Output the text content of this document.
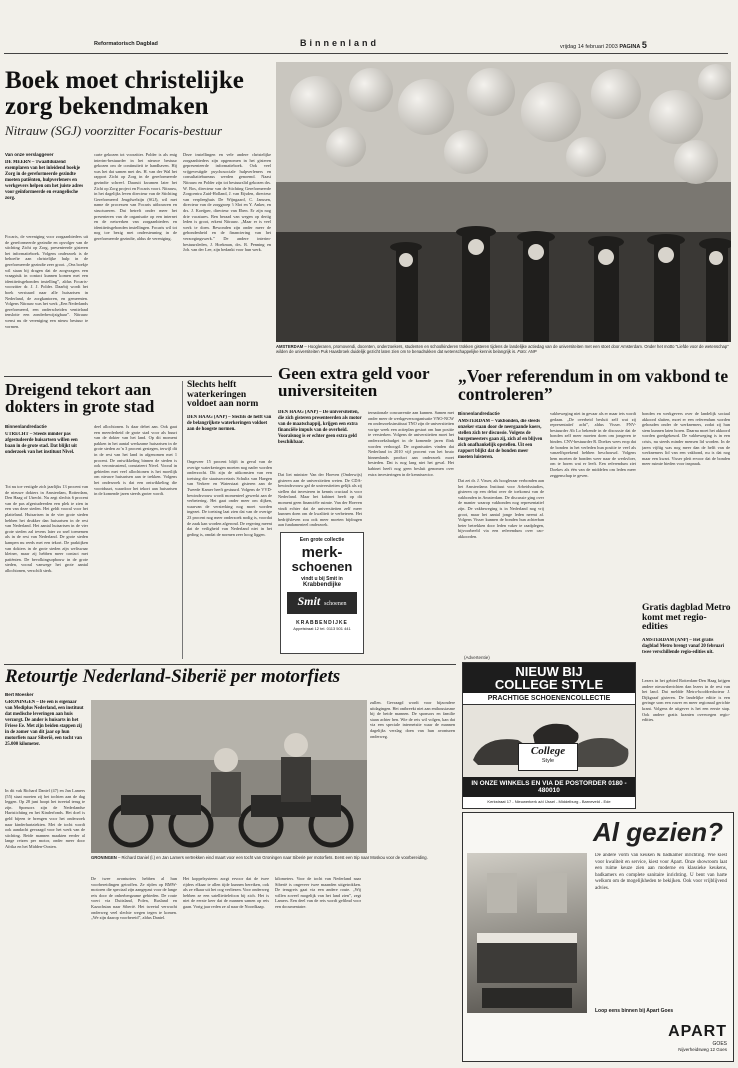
Reformatorisch Dagblad	Binnenland	vrijdag 14 februari 2003 PAGINA 5
Boek moet christelijke zorg bekendmaken
Nitrauw (SGJ) voorzitter Focaris-bestuur
Van onze verslaggever
DE MEERN – Twaalfduizend exemplaren van het inleidend boekje Zorg in de gereformeerde gezindte moeten patiënten, hulpverleners en werkgevers helpen om het juiste adres voor geïnformeerde en evangelische zorg.
Focaris, de vereniging voor zorgaanbieders uit de gereformeerde gezindte en opvolger van de stichting Zicht op Zorg, presenteerde gisteren het informatieboek. Volgens onderzoek is de behoefte aan christelijke hulp in de gereformeerde gezindte zeer groot. „Ons boekje wil staan bij dragen dat de zorgvragers een vraagstuk in contact kunnen komen met een identiteitsgebonden instelling”, aldus Focaris-voorzitter dr. J. J. Polder. Daarbij wordt het boek verstuurd naar alle huisartsen in Nederland, de zorgkantoren, en gemeenten. Volgens Nitrauw was het werk „Een Nederlands gereformeerd, een onderscheiden ventieland tenslotte een zonderbewijzigbaar”. Nitrauw wenst nu de vereniging een nieuw bestuur te vormen.
carte gekozen tot voorzitter. Polder is als enig interim-bestuurder in het nieuwe bestuur gekozen om de continuïteit te handhaven. Hij was het dat samen met drs. H. van der Wal het rapport Zicht op Zorg in de gereformeerde gezindte schreef. Daaruit kwamen later het Zicht op Zorg project en Focaris voort. Nitrauw, in het dagelijks leven directeur van de Stichting Gereformeerd Jeugdwelzijn (SGJ), wil met name de processen van Focaris uitbouwen en structureren. Dat betreft onder meer het presenteren van de organisatie op een internet en de netwerken van zorgaanbieders en identiteitsgebonden instellingen. Focaris wil tot nog toe bezig met ondersteuning in de gereformeerde gezindte, aldus de vereniging.
Deze instellingen en vele andere christelijke zorgaanbieders zijn opgenomen in het gisteren gepresenteerde informatieboek. Ook veel vrijgevestigde psychosociale hulpverleners en consultatiebureaus werden genoemd. Naast Nitrauw en Polder zijn tot bestuurslid gekozen drs. W. Bos, directeur van de Stichting Gereformeerde Zorgcentra Zuid-Holland, J. van Eijsden, directeur van verpleeghuis De Wijngaard, C. Janssen, directeur van de zorggroep 't Slot en Y. Anker, en drs. J. Koeijper, directeur van Eben. Er zijn nog drie vacatures. Ben beraad van wegen op dertig leden is groot, erkent Nitrauw. „Maar er is veel werk te doen. Bewonden zijn onder meer de gebondenheid en de financiering van het verzorgingswerk.” De andere interim-bestuursleden, J. Hoekman, drs. R. Penning en Joh. van der Lee, zijn bedankt voor hun werk.
AMSTERDAM – Hoogleraren, promovendi, docenten, onderzoekers, studenten en schoolkinderen trokken gisteren tijdens de landelijke actiedag van de universiteiten met een stoet door Amsterdam. Onder het motto "Liefde voor de wetenschap" wilden de universiteiten Puk Haasbroek duidelijk gezicht laten zien om te benadrukken dat wetenschappelijke kennis belangrijk is. Foto: ANP
Dreigend tekort aan dokters in grote stad
Binnenlandredactie
UTRECHT – Steeds minder pas afgestudeerde huisartsen willen een baan in de grote stad. Dat blijkt uit onderzoek van het instituut Nivel.
Tot nu toe vestigde zich jaarlijks 13 procent van de nieuwe dokters in Amsterdam, Rotterdam, Den Haag of Utrecht. Nu zegt slechts 6 procent van de pas afgestudeerden een plek te zien in een van deze steden. Het geldt vooral voor het platteland. Huisartsen in de vier grote steden hebben het drukker dan huisartsen in de rest van Nederland. Het aantal huisartsen in de vier grote steden zal tevens later zo snel toenemen als in de rest van Nederland. De grote steden kampen nu reeds met een tekort. De praktijken van dokters in de grote steden zijn weliswaar kleiner, maar zij hebben meer contact met patiënten. De bevolkingsopbouw in de grote steden, vooral vanwege het grote aantal allochtonen, verschilt sterk.
deel allochtonen. Is daar debet aan. Ook gaat een meerderheid de grote stad voor als buurt van de dokter van het land. Op dit moment pakken in het aantal werkzame huisartsen in de grote steden zo’n 3 procent gestegen, terwijl dit in de rest van het land in afgenomen met 1 procent. De ontwikkeling binnen de steden is ook verontrustend, constateert Nivel. Vooral in gebieden met veel allochtonen is het moeilijk om nieuwe huisartsen aan te trekken. Volgens het onderzoek is dat een ontwikkeling die voortduurt, waardoor het tekort aan huisartsen in de komende jaren steeds groter wordt.
Slechts helft waterkeringen voldoet aan norm
DEN HAAG (ANP) – Slechts de helft van de belangrijkste waterkeringen voldoet aan de hoogste normen.
Ongeveer 15 procent blijft in geval van de overige waterkeringen moeten nog nader worden onderzocht. Dit zijn de uitkomsten van een toetsing die staatssecretaris Schultz van Haegen van Verkeer en Waterstaat gisteren aan de Tweede Kamer heeft gestuurd. Volgens de VVD-bewindsvrouw wordt momenteel gewerkt aan de verbetering. Het gaat onder meer om dijken, waarvan de versterking nog moet worden ingezet. De toetsing laat zien dat van de overige 23 procent nog meer onderzoek nodig is, voordat de zaak kan worden afgerond. De regering meent dat de veiligheid van Nederland niet in het geding is, omdat de normen zeer hoog liggen.
Geen extra geld voor universiteiten
DEN HAAG (ANP) – De universiteiten, die zich gisteren presenteerden als motor van de maatschappij, krijgen een extra financiële impuls van de overheid. Vooralsnog is er echter geen extra geld beschikbaar.
Dat liet minister Van der Hoeven (Onderwijs) gisteren aan de universiteiten weten. De CDA-bewindsvrouw gaf de universiteiten gelijk als zij stellen dat investeren in kennis cruciaal is voor Nederland. Maar het kabinet heeft op dit moment geen financiële ruimte. Van der Hoeven vindt echter dat de universiteiten zelf meer kunnen doen om de kwaliteit te verbeteren. Het bedrijfsleven zou ook meer moeten bijdragen aan fundamenteel onderzoek.
ternationale concurrentie aan kunnen. Samen met onder meer de werkgeversorganisatie VNO-NCW en onderzoeksinstituut TNO zijn de universiteiten vorige week een actieplan gestart om hun positie te versterken. Volgens de universiteiten moet het onderzoeksbudget in de komende jaren flink worden verhoogd. De organisaties vinden dat Nederland in 2010 vijf procent van het bruto binnenlands product aan onderzoek moet besteden. Dat is nog lang niet het geval. Het kabinet heeft nog geen besluit genomen over extra investeringen in de kennissector.
Een grote collectie
merk-
schoenen
vindt u bij Smit in
Krabbendijke
Smit schoenen
KRABBENDIJKE
Appelstraat 12 tel. 0113 501 441
„Voer referendum in om vakbond te controleren”
Binnenlandredactie
AMSTERDAM – Vakbonden, die steeds onzeker staan door de neergaande koers, stellen zich ter discussie. Volgens de burgemeesters gaan zij, zich af en blijven zich onafhankelijk opstellen. Uit een rapport blijkt dat de bonden meer moeten luisteren.
Dat zei dr. J. Visser, als hoogleraar verbonden aan het Amsterdams Instituut voor Arbeidsstudies, gisteren op een debat over de toekomst van de vakbonden in Amsterdam. De discussie ging over de manier waarop vakbonden nog representatief zijn. De vakbeweging is in Nederland nog vrij groot, maar het aantal jonge leden neemt af. Volgens Visser kunnen de bonden hun achterban beter betrekken door leden vaker te raadplegen, bijvoorbeeld via een referendum over cao-akkoorden.
vakbeweging niet in gevaar als er maar iets wordt gedaan. „De overheid besluit zelf wat zij representatief acht”, aldus Visser. FNV-bestuurder Ab Lo bekende in de discussie dat de bonden zelf meer moeten doen om jongeren te binden. CNV-bestuurder R. Doekes wees erop dat de bonden in het verleden hun positie te veel als vanzelfsprekend hebben beschouwd. Volgens hem moeten de bonden weer naar de werkvloer, om te horen wat er leeft. Een referendum ziet Doekes als één van de middelen om leden meer zeggenschap te geven.
bonden en werkgevers over de landelijk sociaal akkoord sluiten, moet er een referendum worden gehouden onder de werknemers, zodat zij hun stem kunnen laten horen. Daarna moet het akkoord worden goedgekeurd. De vakbeweging is in een crisis, nu steeds minder mensen lid worden. In de jaren vijftig was nog meer dan de helft van de werknemers lid van een vakbond, nu is dat nog maar een kwart. Visser pleit ervoor dat de bonden meer ruimte bieden voor inspraak.
Gratis dagblad Metro komt met regio-edities
AMSTERDAM (ANP) – Het gratis dagblad Metro brengt vanaf 20 februari twee verschillende regio-edities uit.
Lezers in het gebied Rotterdam-Den Haag krijgen andere nieuwsberichten dan lezers in de rest van het land. Dat meldde Metro-hoofdredacteur J. Dijkgraaf gisteren. De landelijke editie is een geringe som een ruwer en meer regionaal gerichte krant. Volgens de uitgever is het een eerste stap. Ook andere gratis kranten overwegen regio-edities.
Retourtje Nederland-Siberië per motorfiets
Bert Moesker
GRONINGEN – De een is eigenaar van Mediplus Nederland, een instituut dat medische leveringen aan huis verzorgt. De ander is huisarts in het Friese Ee. Met zijn beiden stappen zij in de zomer van dit jaar op hun motorfiets naar Siberië, een tocht van 25.000 kilometer.
In dit vak Richard Daniel (47) en Jan Lamers (55) staat moeten zij het tochten aan de dag leggen. Op 28 juni hoopt het tweetal terug te zijn. Sponsors zijn de Nederlandse Hartstichting en het Kinderfonds. Het doel is geld bijeen te brengen voor het onderzoek naar kinderhartziekten. Met de tocht wordt ook aandacht gevraagd voor het werk van de stichting. Beide mannen maakten eerder al lange reizen per motor, onder meer door Afrika en het Midden-Oosten.
GRONINGEN – Richard Daniel (l.) en Jan Lamers vertrekken eind maart voor een tocht van Groningen naar Siberië per motorfiets. Eerst een trip naar Moskou voor de voorbereiding.
zullen. Gevraagd wordt voor bijzondere uitdagingen. Het ontbreekt niet aan enthousiasme bij de beide mannen. De sponsors en familie staan achter hen. Wie de reis wil volgen, kan dat via een speciale internetsite waar de mannen dagelijks verslag doen van hun avonturen onderweg.
De twee avonturiers hebben al hun voorbereidingen getroffen. Ze rijden op BMW-motoren die speciaal zijn aangepast voor de lange reis door de onherbergzame gebieden. De route voert via Duitsland, Polen, Rusland en Kazachstan naar Siberië. Het tweetal verwacht onderweg veel slechte wegen tegen te komen. „We zijn daarop voorbereid”, aldus Daniel.
Het koppelsysteem zorgt ervoor dat de twee rijders elkaar te allen tijde kunnen bereiken, ook als ze elkaar uit het oog verliezen. Voor onderweg hebben ze een satelliettelefoon bij zich. Het is niet de eerste keer dat de mannen samen op reis gaan. Vorig jaar reden ze al naar de Noordkaap.
kilometers. Voor de tocht van Nederland naar Siberië is ongeveer twee maanden uitgetrokken. De terugreis gaat via een andere route. „Wij willen zoveel mogelijk van het land zien”, zegt Lamers. Een deel van de reis wordt gefilmd voor een documentaire.
(Advertentie)
NIEUW BIJ
COLLEGE STYLE
PRACHTIGE SCHOENENCOLLECTIE
College
Style
IN ONZE WINKELS EN VIA DE POSTORDER 0180 - 480010
Kerkstraat 17 - Nieuwerkerk a/d IJssel - Middelburg - Barneveld - Ede
Al gezien?
De andere vorm van keuken & badkamer inrichting. Wie kiest voor kwaliteit en service, kiest voor Apart. Onze showroom laat een ruime keuze zien aan moderne en klassieke keukens, badkamers en complete sanitaire inrichting. U bent van harte welkom om de mogelijkheden te bekijken. Ook voor vrijblijvend advies.
Loop eens binnen bij Apart Goes
APART
GOES
Nijverheidsweg 12 Goes
